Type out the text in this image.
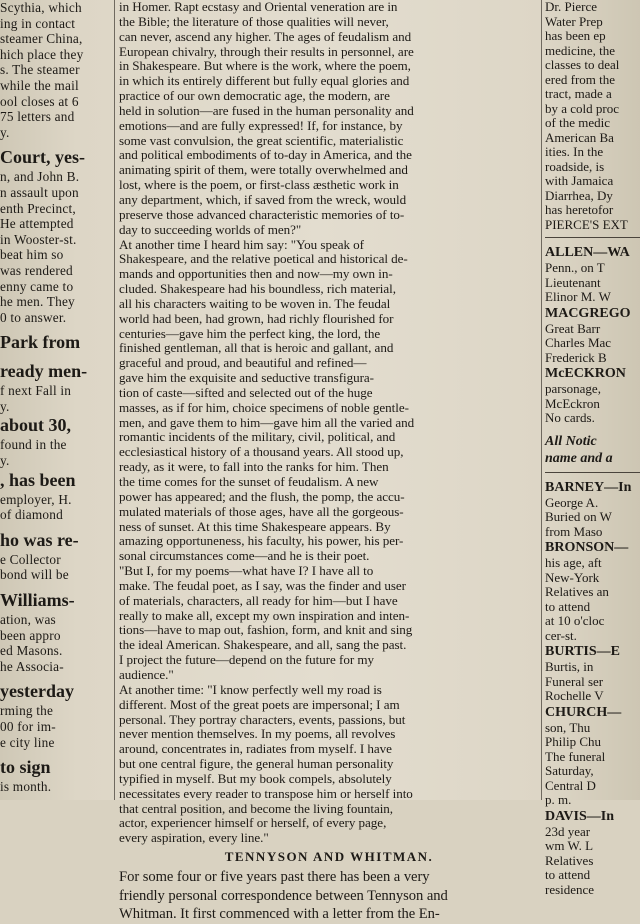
Scythia, which
ing in contact
steamer China,
hich place they
s. The steamer
while the mail
ool closes at 6
75 letters and
y.
Court, yes-
n, and John B.
n assault upon
enth Precinct,
He attempted
in Wooster-st.
beat him so
was rendered
enny came to
he men. They
0 to answer.
Park from
ready men-
f next Fall in
y.
about 30,
found in the
y.
, has been
employer, H.
of diamond
ho was re-
e Collector
bond will be
Williams-
ation, was
been appro
ed Masons.
he Associa-
yesterday
rming the
00 for im-
e city line
to sign
is month.
in Homer. Rapt ecstasy and Oriental veneration are in
the Bible; the literature of those qualities will never,
can never, ascend any higher. The ages of feudalism and
European chivalry, through their results in personnel, are
in Shakespeare. But where is the work, where the poem,
in which its entirely different but fully equal glories and
practice of our own democratic age, the modern, are
held in solution—are fused in the human personality and
emotions—and are fully expressed! If, for instance, by
some vast convulsion, the great scientific, materialistic
and political embodiments of to-day in America, and the
animating spirit of them, were totally overwhelmed and
lost, where is the poem, or first-class æsthetic work in
any department, which, if saved from the wreck, would
preserve those advanced characteristic memories of to-
day to succeeding worlds of men?"
At another time I heard him say: "You speak of
Shakespeare, and the relative poetical and historical de-
mands and opportunities then and now—my own in-
cluded. Shakespeare had his boundless, rich material,
all his characters waiting to be woven in. The feudal
world had been, had grown, had richly flourished for
centuries—gave him the perfect king, the lord, the
finished gentleman, all that is heroic and gallant, and
graceful and proud, and beautiful and refined—
gave him the exquisite and seductive transfigura-
tion of caste—sifted and selected out of the huge
masses, as if for him, choice specimens of noble gentle-
men, and gave them to him—gave him all the varied and
romantic incidents of the military, civil, political, and
ecclesiastical history of a thousand years. All stood up,
ready, as it were, to fall into the ranks for him. Then
the time comes for the sunset of feudalism. A new
power has appeared; and the flush, the pomp, the accu-
mulated materials of those ages, have all the gorgeous-
ness of sunset. At this time Shakespeare appears. By
amazing opportuneness, his faculty, his power, his per-
sonal circumstances come—and he is their poet.
"But I, for my poems—what have I? I have all to
make. The feudal poet, as I say, was the finder and user
of materials, characters, all ready for him—but I have
really to make all, except my own inspiration and inten-
tions—have to map out, fashion, form, and knit and sing
the ideal American. Shakespeare, and all, sang the past.
I project the future—depend on the future for my
audience."
At another time: "I know perfectly well my road is
different. Most of the great poets are impersonal; I am
personal. They portray characters, events, passions, but
never mention themselves. In my poems, all revolves
around, concentrates in, radiates from myself. I have
but one central figure, the general human personality
typified in myself. But my book compels, absolutely
necessitates every reader to transpose him or herself into
that central position, and become the living fountain,
actor, experiencer himself or herself, of every page,
every aspiration, every line."
TENNYSON AND WHITMAN.
For some four or five years past there has been a very
friendly personal correspondence between Tennyson and
Whitman. It first commenced with a letter from the En-
Dr. Pierce
Water Prep
has been ep
medicine, the
classes to deal
ered from the
tract, made a
by a cold proc
of the medic
American Ba
ities. In the
roadside, is
with Jamaica
Diarrhea, Dy
has heretofor
PIERCE'S EXT
ALLEN—WA
Penn., on T
Lieutenant
Elinor M. W
MACGREGO
Great Barr
Charles Mac
Frederick B
McECKRON
parsonage,
McEckron
No cards.
All Notic
name and a
BARNEY—In
George A.
Buried on W
from Maso
BRONSON—
his age, aft
New-York
Relatives an
to attend
at 10 o'cloc
cer-st.
BURTIS—E
Burtis, in
Funeral ser
Rochelle V
CHURCH—
son, Thu
Philip Chu
The funeral
Saturday,
Central D
p. m.
DAVIS—In
23d year
wm W. L
Relatives
to attend
residence
